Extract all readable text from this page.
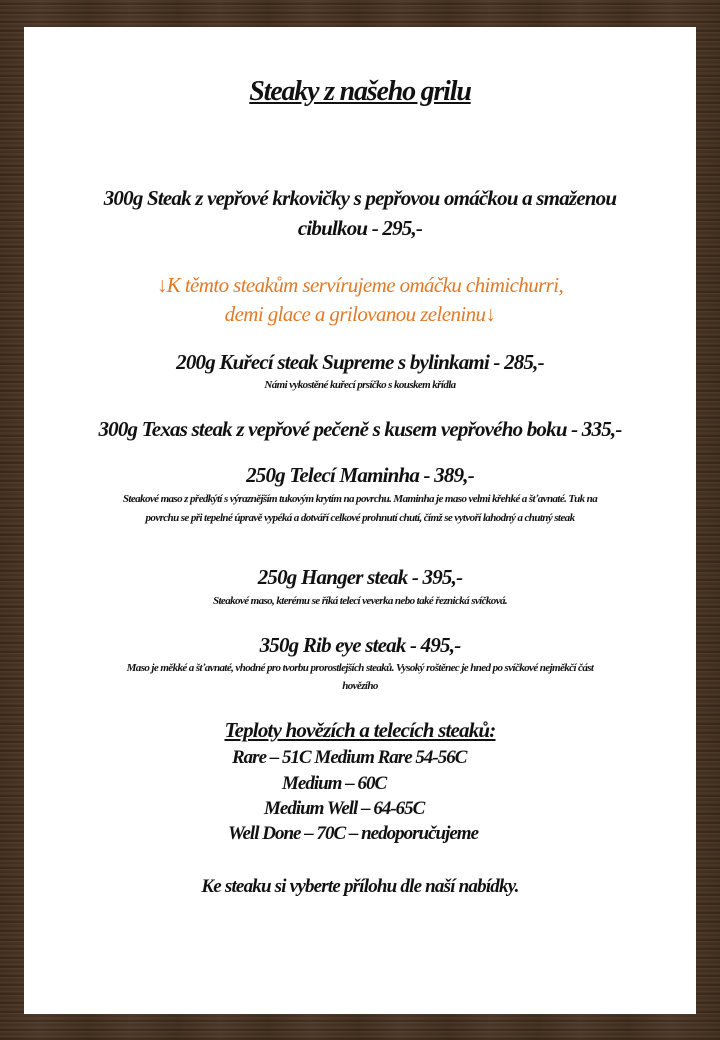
Steaky z našeho grilu
300g Steak z vepřové krkovičky s pepřovou omáčkou a smaženou
cibulkou - 295,-
↓K těmto steakům servírujeme omáčku chimichurri,
demi glace a grilovanou zeleninu↓
200g Kuřecí steak Supreme s bylinkami - 285,-
Námi vykostěné kuřecí prsíčko s kouskem křídla
300g Texas steak z vepřové pečeně s kusem vepřového boku - 335,-
250g Telecí Maminha - 389,-
Steakové maso z předkýtí s výraznějším tukovým krytím na povrchu. Maminha je maso velmi křehké a šťavnaté. Tuk na
povrchu se při tepelné úpravě vypéká a dotváří celkové prohnutí chutí, čímž se vytvoří lahodný a chutný steak
250g Hanger steak - 395,-
Steakové maso, kterému se říká telecí veverka nebo také řeznická svíčková.
350g Rib eye steak - 495,-
Maso je měkké a šťavnaté, vhodné pro tvorbu prorostlejších steaků. Vysoký roštěnec je hned po svíčkové nejměkčí část
hovězího
Teploty hovězích a telecích steaků:
Rare – 51C Medium Rare 54-56C
Medium – 60C
Medium Well – 64-65C
Well Done – 70C – nedoporučujeme
Ke steaku si vyberte přílohu dle naší nabídky.
